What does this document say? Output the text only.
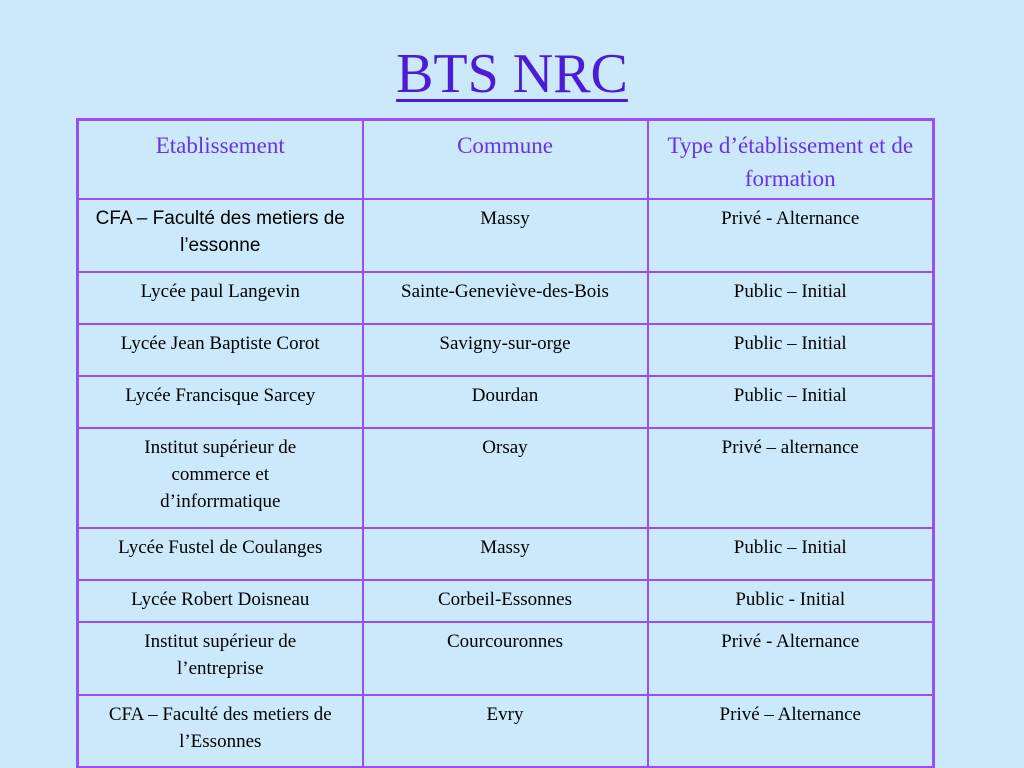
BTS NRC
Etablissement	Commune	Type d’établissement et de formation

CFA – Faculté des metiers de l’essonne	Massy	Privé - Alternance

Lycée paul Langevin	Sainte-Geneviève-des-Bois	Public – Initial

Lycée Jean Baptiste Corot	Savigny-sur-orge	Public – Initial

Lycée Francisque Sarcey	Dourdan	Public – Initial

Institut supérieur de commerce et d’inforrmatique	Orsay	Privé – alternance

Lycée Fustel de Coulanges	Massy	Public – Initial

Lycée Robert Doisneau	Corbeil-Essonnes	Public - Initial

Institut supérieur de l’entreprise	Courcouronnes	Privé - Alternance

CFA – Faculté des metiers de l’Essonnes	Evry	Privé – Alternance
